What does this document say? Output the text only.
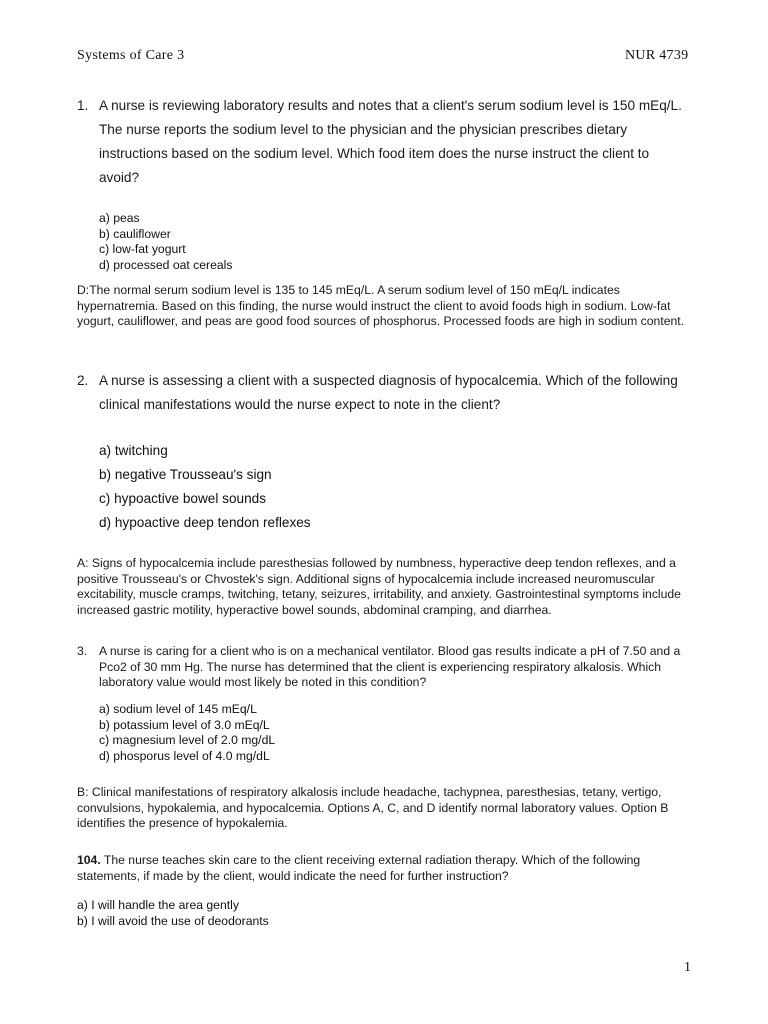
Systems of Care 3	NUR 4739
1. A nurse is reviewing laboratory results and notes that a client's serum sodium level is 150 mEq/L. The nurse reports the sodium level to the physician and the physician prescribes dietary instructions based on the sodium level. Which food item does the nurse instruct the client to avoid?
a) peas
b) cauliflower
c) low-fat yogurt
d) processed oat cereals
D:The normal serum sodium level is 135 to 145 mEq/L. A serum sodium level of 150 mEq/L indicates hypernatremia. Based on this finding, the nurse would instruct the client to avoid foods high in sodium. Low-fat yogurt, cauliflower, and peas are good food sources of phosphorus. Processed foods are high in sodium content.
2. A nurse is assessing a client with a suspected diagnosis of hypocalcemia. Which of the following clinical manifestations would the nurse expect to note in the client?
a) twitching
b) negative Trousseau's sign
c) hypoactive bowel sounds
d) hypoactive deep tendon reflexes
A: Signs of hypocalcemia include paresthesias followed by numbness, hyperactive deep tendon reflexes, and a positive Trousseau's or Chvostek's sign. Additional signs of hypocalcemia include increased neuromuscular excitability, muscle cramps, twitching, tetany, seizures, irritability, and anxiety. Gastrointestinal symptoms include increased gastric motility, hyperactive bowel sounds, abdominal cramping, and diarrhea.
3. A nurse is caring for a client who is on a mechanical ventilator. Blood gas results indicate a pH of 7.50 and a Pco2 of 30 mm Hg. The nurse has determined that the client is experiencing respiratory alkalosis. Which laboratory value would most likely be noted in this condition?
a) sodium level of 145 mEq/L
b) potassium level of 3.0 mEq/L
c) magnesium level of 2.0 mg/dL
d) phosporus level of 4.0 mg/dL
B: Clinical manifestations of respiratory alkalosis include headache, tachypnea, paresthesias, tetany, vertigo, convulsions, hypokalemia, and hypocalcemia. Options A, C, and D identify normal laboratory values. Option B identifies the presence of hypokalemia.
104. The nurse teaches skin care to the client receiving external radiation therapy. Which of the following statements, if made by the client, would indicate the need for further instruction?
a) I will handle the area gently
b) I will avoid the use of deodorants
1
